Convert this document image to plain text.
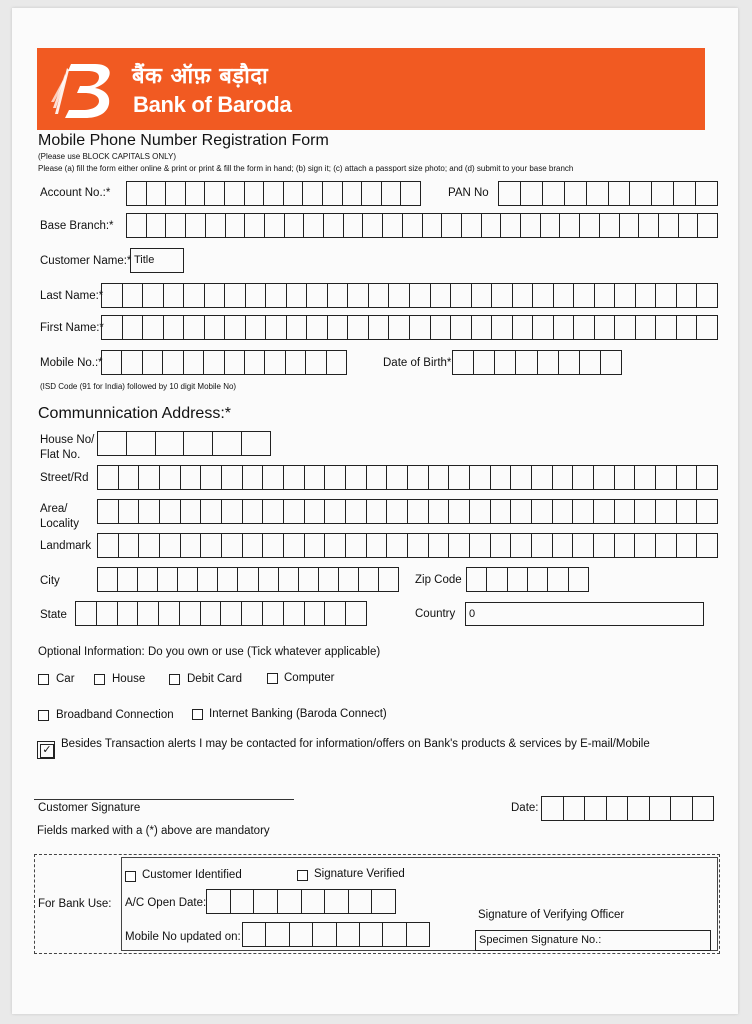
बैंक ऑफ़ बड़ौदा
Bank of Baroda
Mobile Phone Number Registration Form
(Please use BLOCK CAPITALS ONLY)
Please (a) fill the form either online & print or print & fill the form in hand; (b) sign it; (c) attach a passport size photo; and (d) submit to your base branch
Account No.:*	PAN No
Base Branch:*
Customer Name:* Title
Last Name:*
First Name:*
Mobile No.:*	Date of Birth*
(ISD Code (91 for India) followed by 10 digit Mobile No)
Communnication Address:*
House No/
Flat No.
Street/Rd
Area/
Locality
Landmark
City	Zip Code
State	Country	0
Optional Information: Do you own or use (Tick whatever applicable)
Car	House	Debit Card	Computer
Broadband Connection	Internet Banking (Baroda Connect)
✓ Besides Transaction alerts I may be contacted for information/offers on Bank's products & services by E-mail/Mobile
Customer Signature	Date:
Fields marked with a (*) above are mandatory
For Bank Use:
Customer Identified	Signature Verified
A/C Open Date:
Mobile No updated on:
Signature of Verifying Officer
Specimen Signature No.:
